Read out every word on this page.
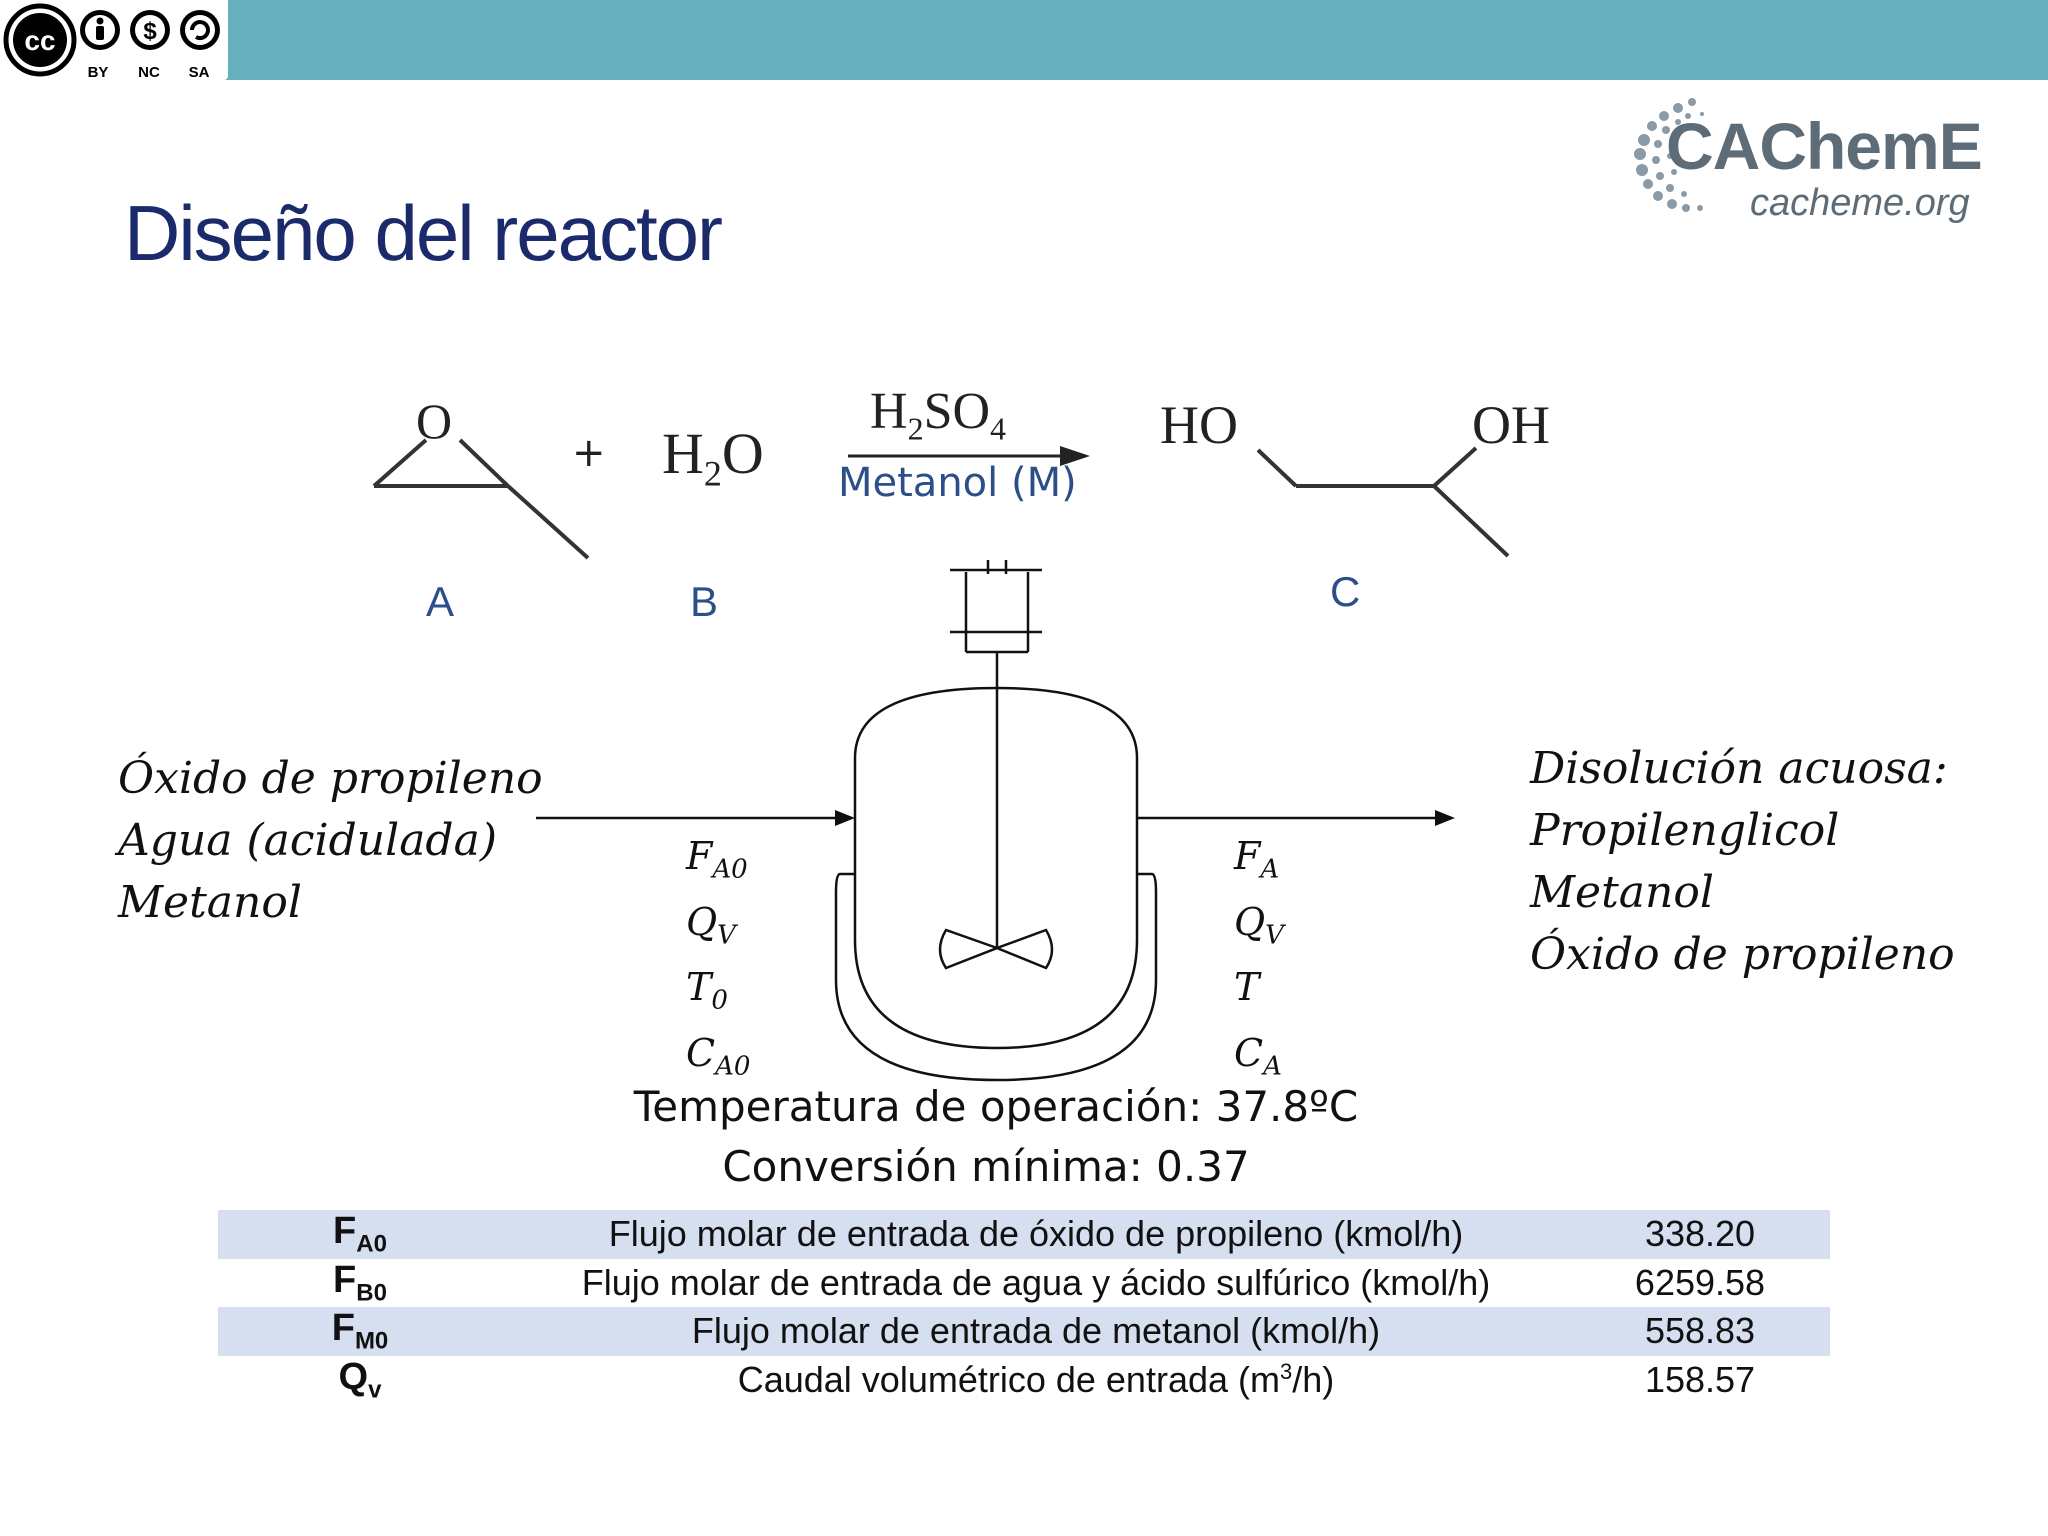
cc	$
BY NC SA
CAChemE
cacheme.org
Diseño del reactor
O
+ $H_2O$
$H_2SO_4$
Metanol (M)
HO	OH
A	B	C
Óxido de propileno
Agua (acidulada)
Metanol
Disolución acuosa:
Propilenglicol
Metanol
Óxido de propileno
$F_{A0}$
$Q_V$
$T_0$
$C_{A0}$
$F_A$
$Q_V$
T
$C_A$
Temperatura de operación: 37.8ºC
Conversión mínima: 0.37
$F_{A0}$	Flujo molar de entrada de óxido de propileno (kmol/h)	338.20
$F_{B0}$	Flujo molar de entrada de agua y ácido sulfúrico (kmol/h)	6259.58
$F_{M0}$	Flujo molar de entrada de metanol (kmol/h)	558.83
$Q_v$	Caudal volumétrico de entrada $(m^3/h)$	158.57
